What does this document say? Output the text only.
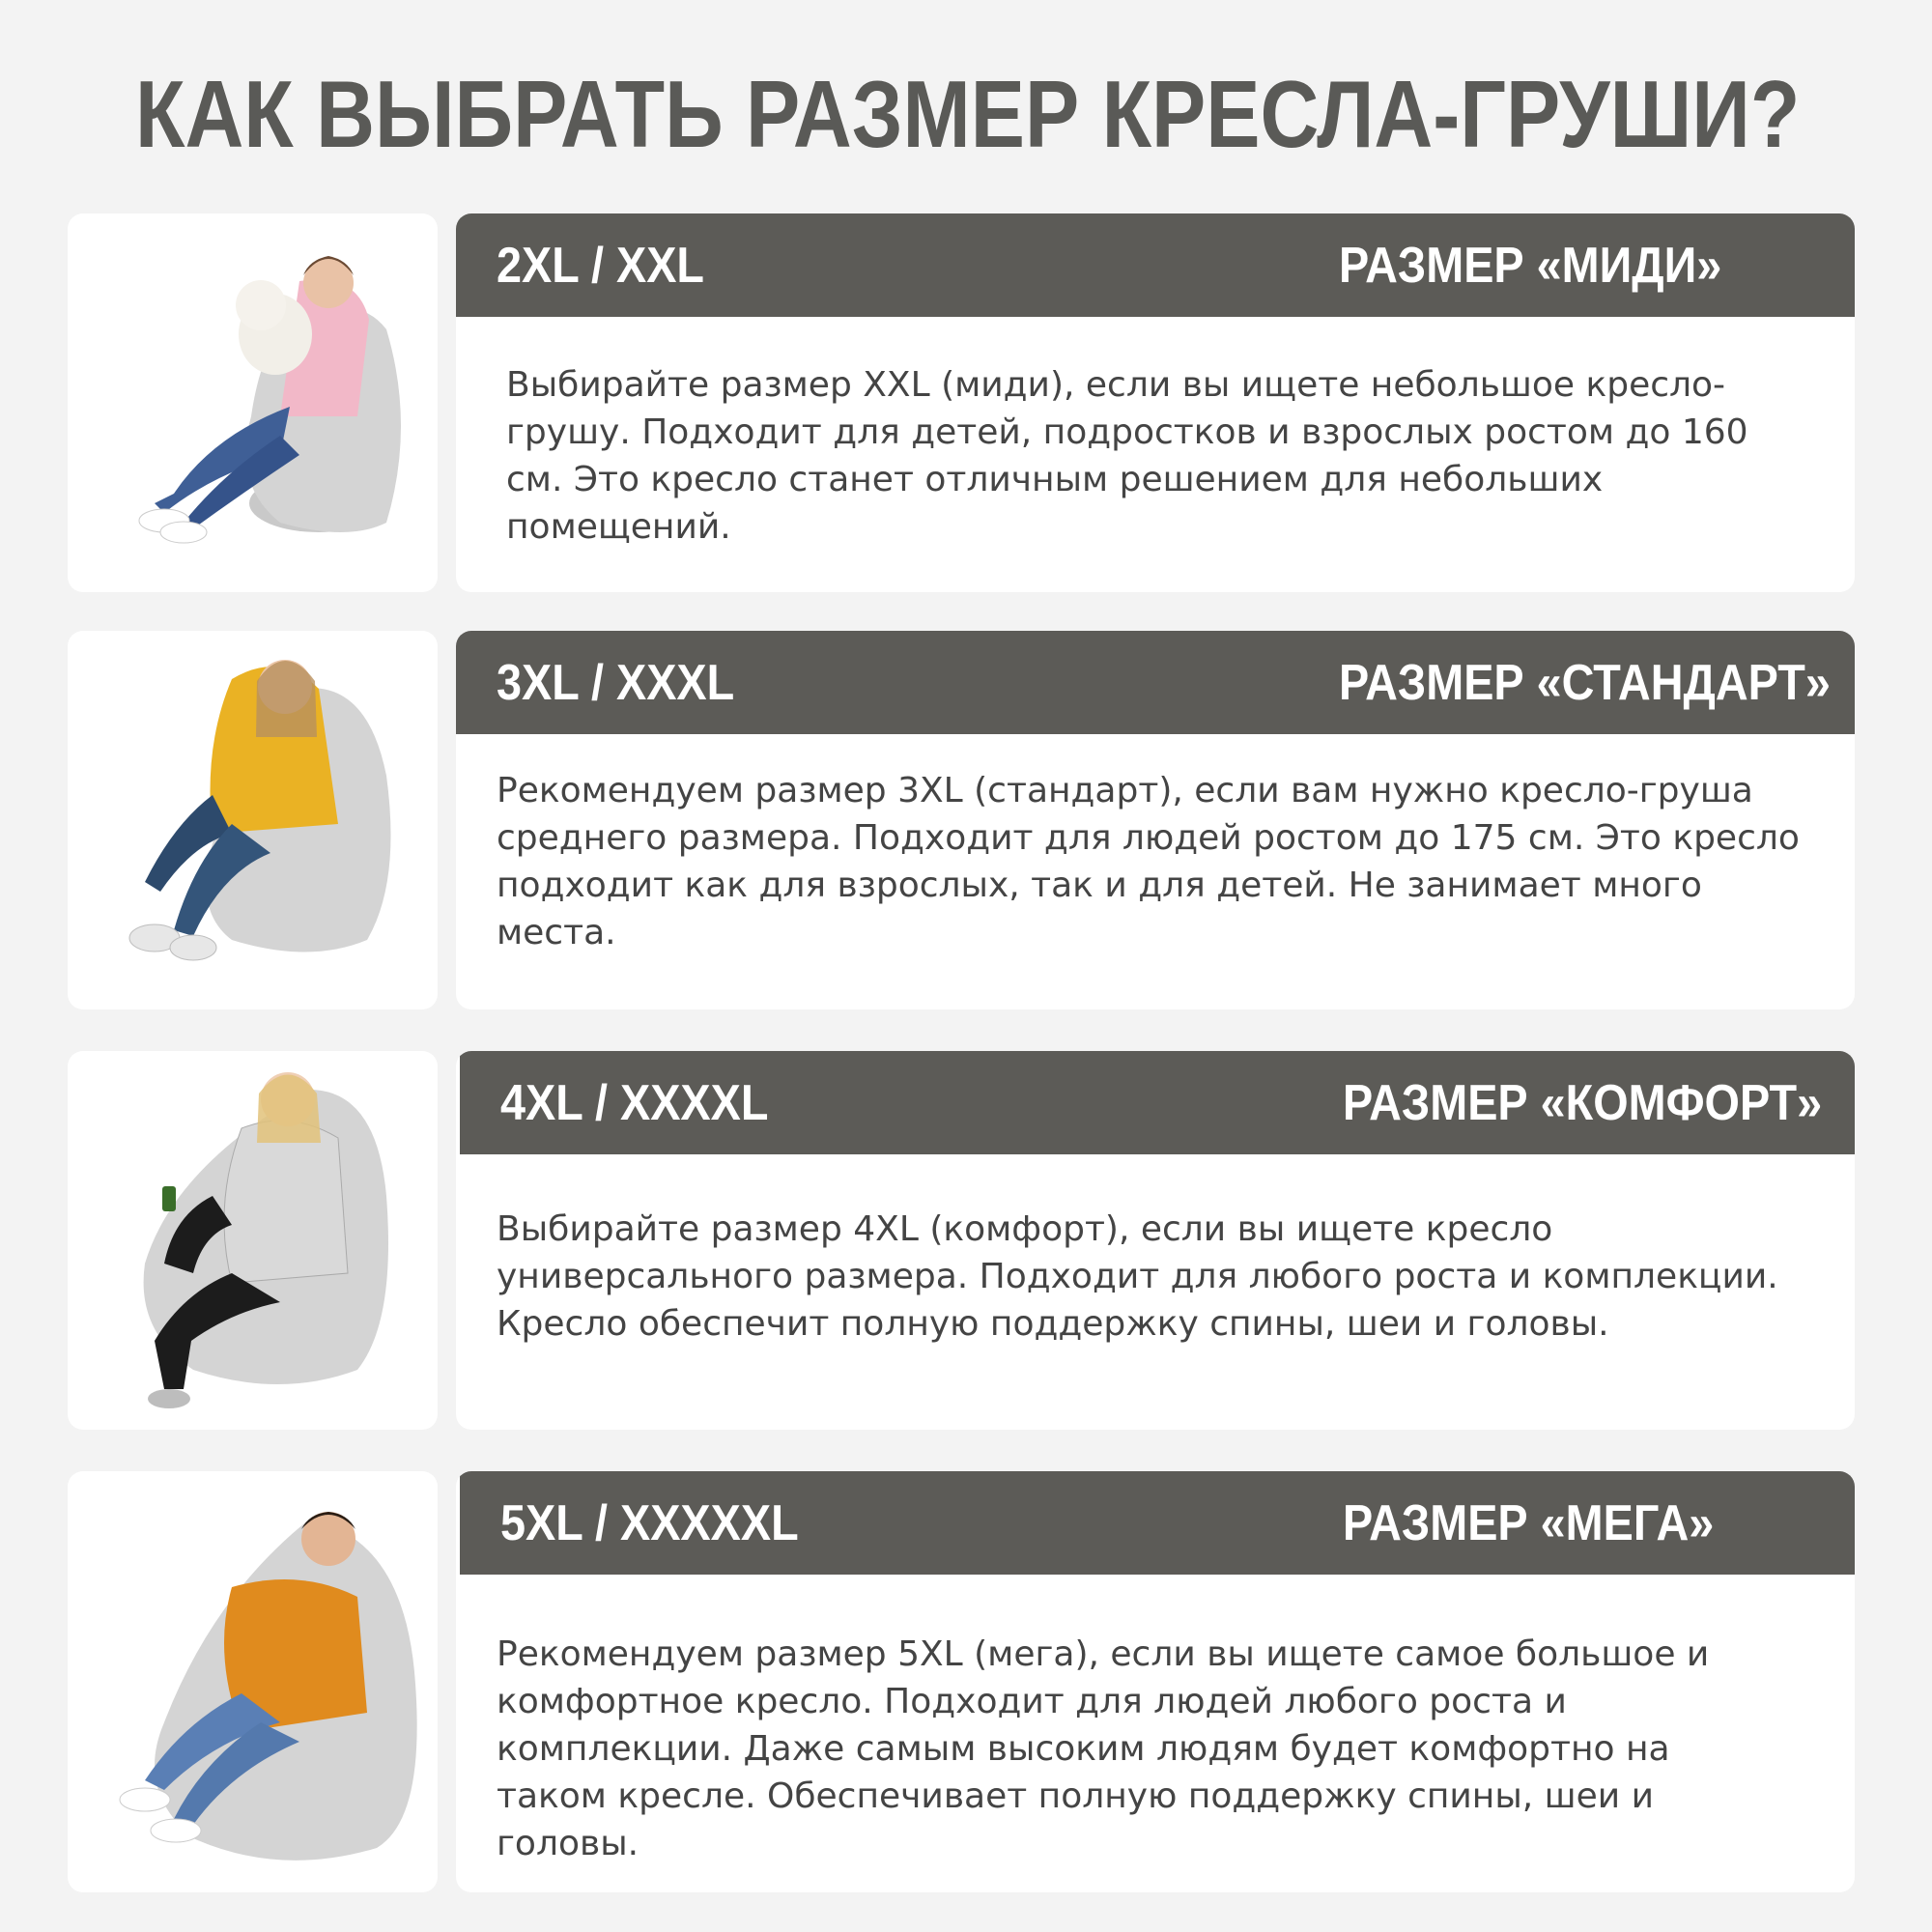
КАК ВЫБРАТЬ РАЗМЕР КРЕСЛА-ГРУШИ?
2XL / XXL	РАЗМЕР «МИДИ»
Выбирайте размер XXL (миди), если вы ищете небольшое кресло-грушу. Подходит для детей, подростков и взрослых ростом до 160 см. Это кресло станет отличным решением для небольших помещений.
3XL / XXXL	РАЗМЕР «СТАНДАРТ»
Рекомендуем размер 3XL (стандарт), если вам нужно кресло-груша среднего размера. Подходит для людей ростом до 175 см. Это кресло подходит как для взрослых, так и для детей. Не занимает много места.
4XL / XXXXL	РАЗМЕР «КОМФОРТ»
Выбирайте размер 4XL (комфорт), если вы ищете кресло универсального размера. Подходит для любого роста и комплекции. Кресло обеспечит полную поддержку спины, шеи и головы.
5XL / XXXXXL	РАЗМЕР «МЕГА»
Рекомендуем размер 5XL (мега), если вы ищете самое большое и комфортное кресло. Подходит для людей любого роста и комплекции. Даже самым высоким людям будет комфортно на таком кресле. Обеспечивает полную поддержку спины, шеи и головы.
